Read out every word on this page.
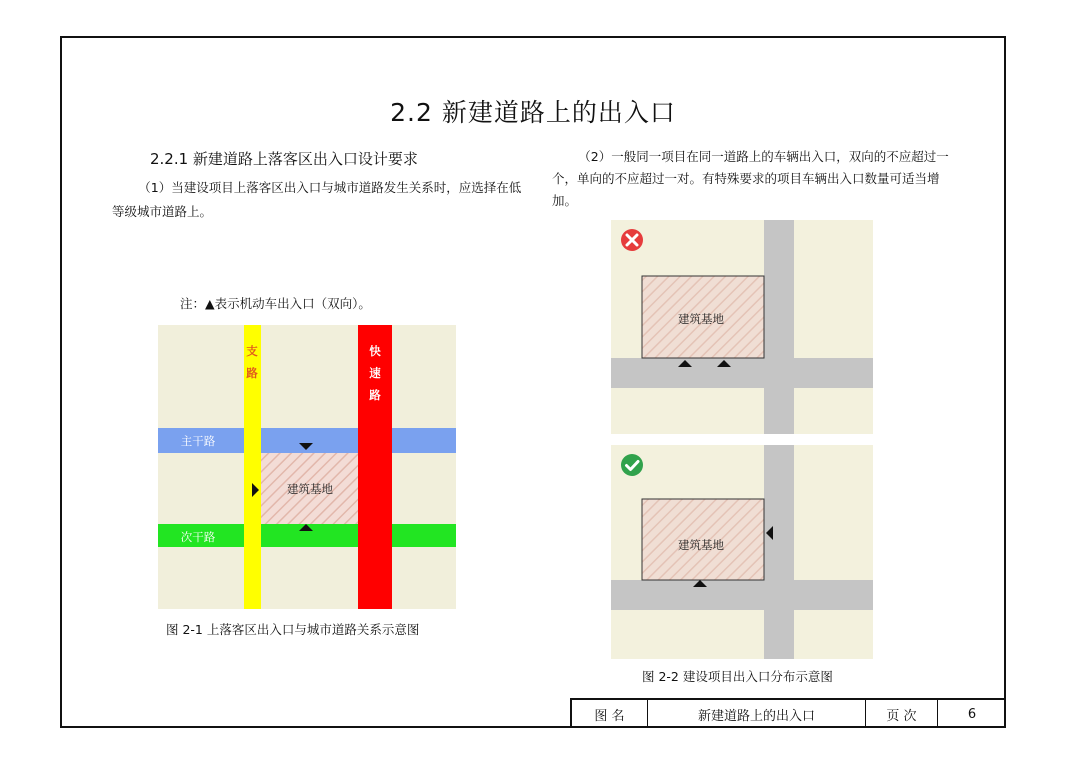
2.2 新建道路上的出入口
2.2.1 新建道路上落客区出入口设计要求
（1）当建设项目上落客区出入口与城市道路发生关系时，应选择在低等级城市道路上。
（2）一般同一项目在同一道路上的车辆出入口，双向的不应超过一个，单向的不应超过一对。有特殊要求的项目车辆出入口数量可适当增加。
注：▲表示机动车出入口（双向）。
快
速
路
主干路
次干路
支
路
建筑基地
图 2-1 上落客区出入口与城市道路关系示意图
建筑基地
建筑基地
图 2-2 建设项目出入口分布示意图
图 名	新建道路上的出入口	页 次	6
